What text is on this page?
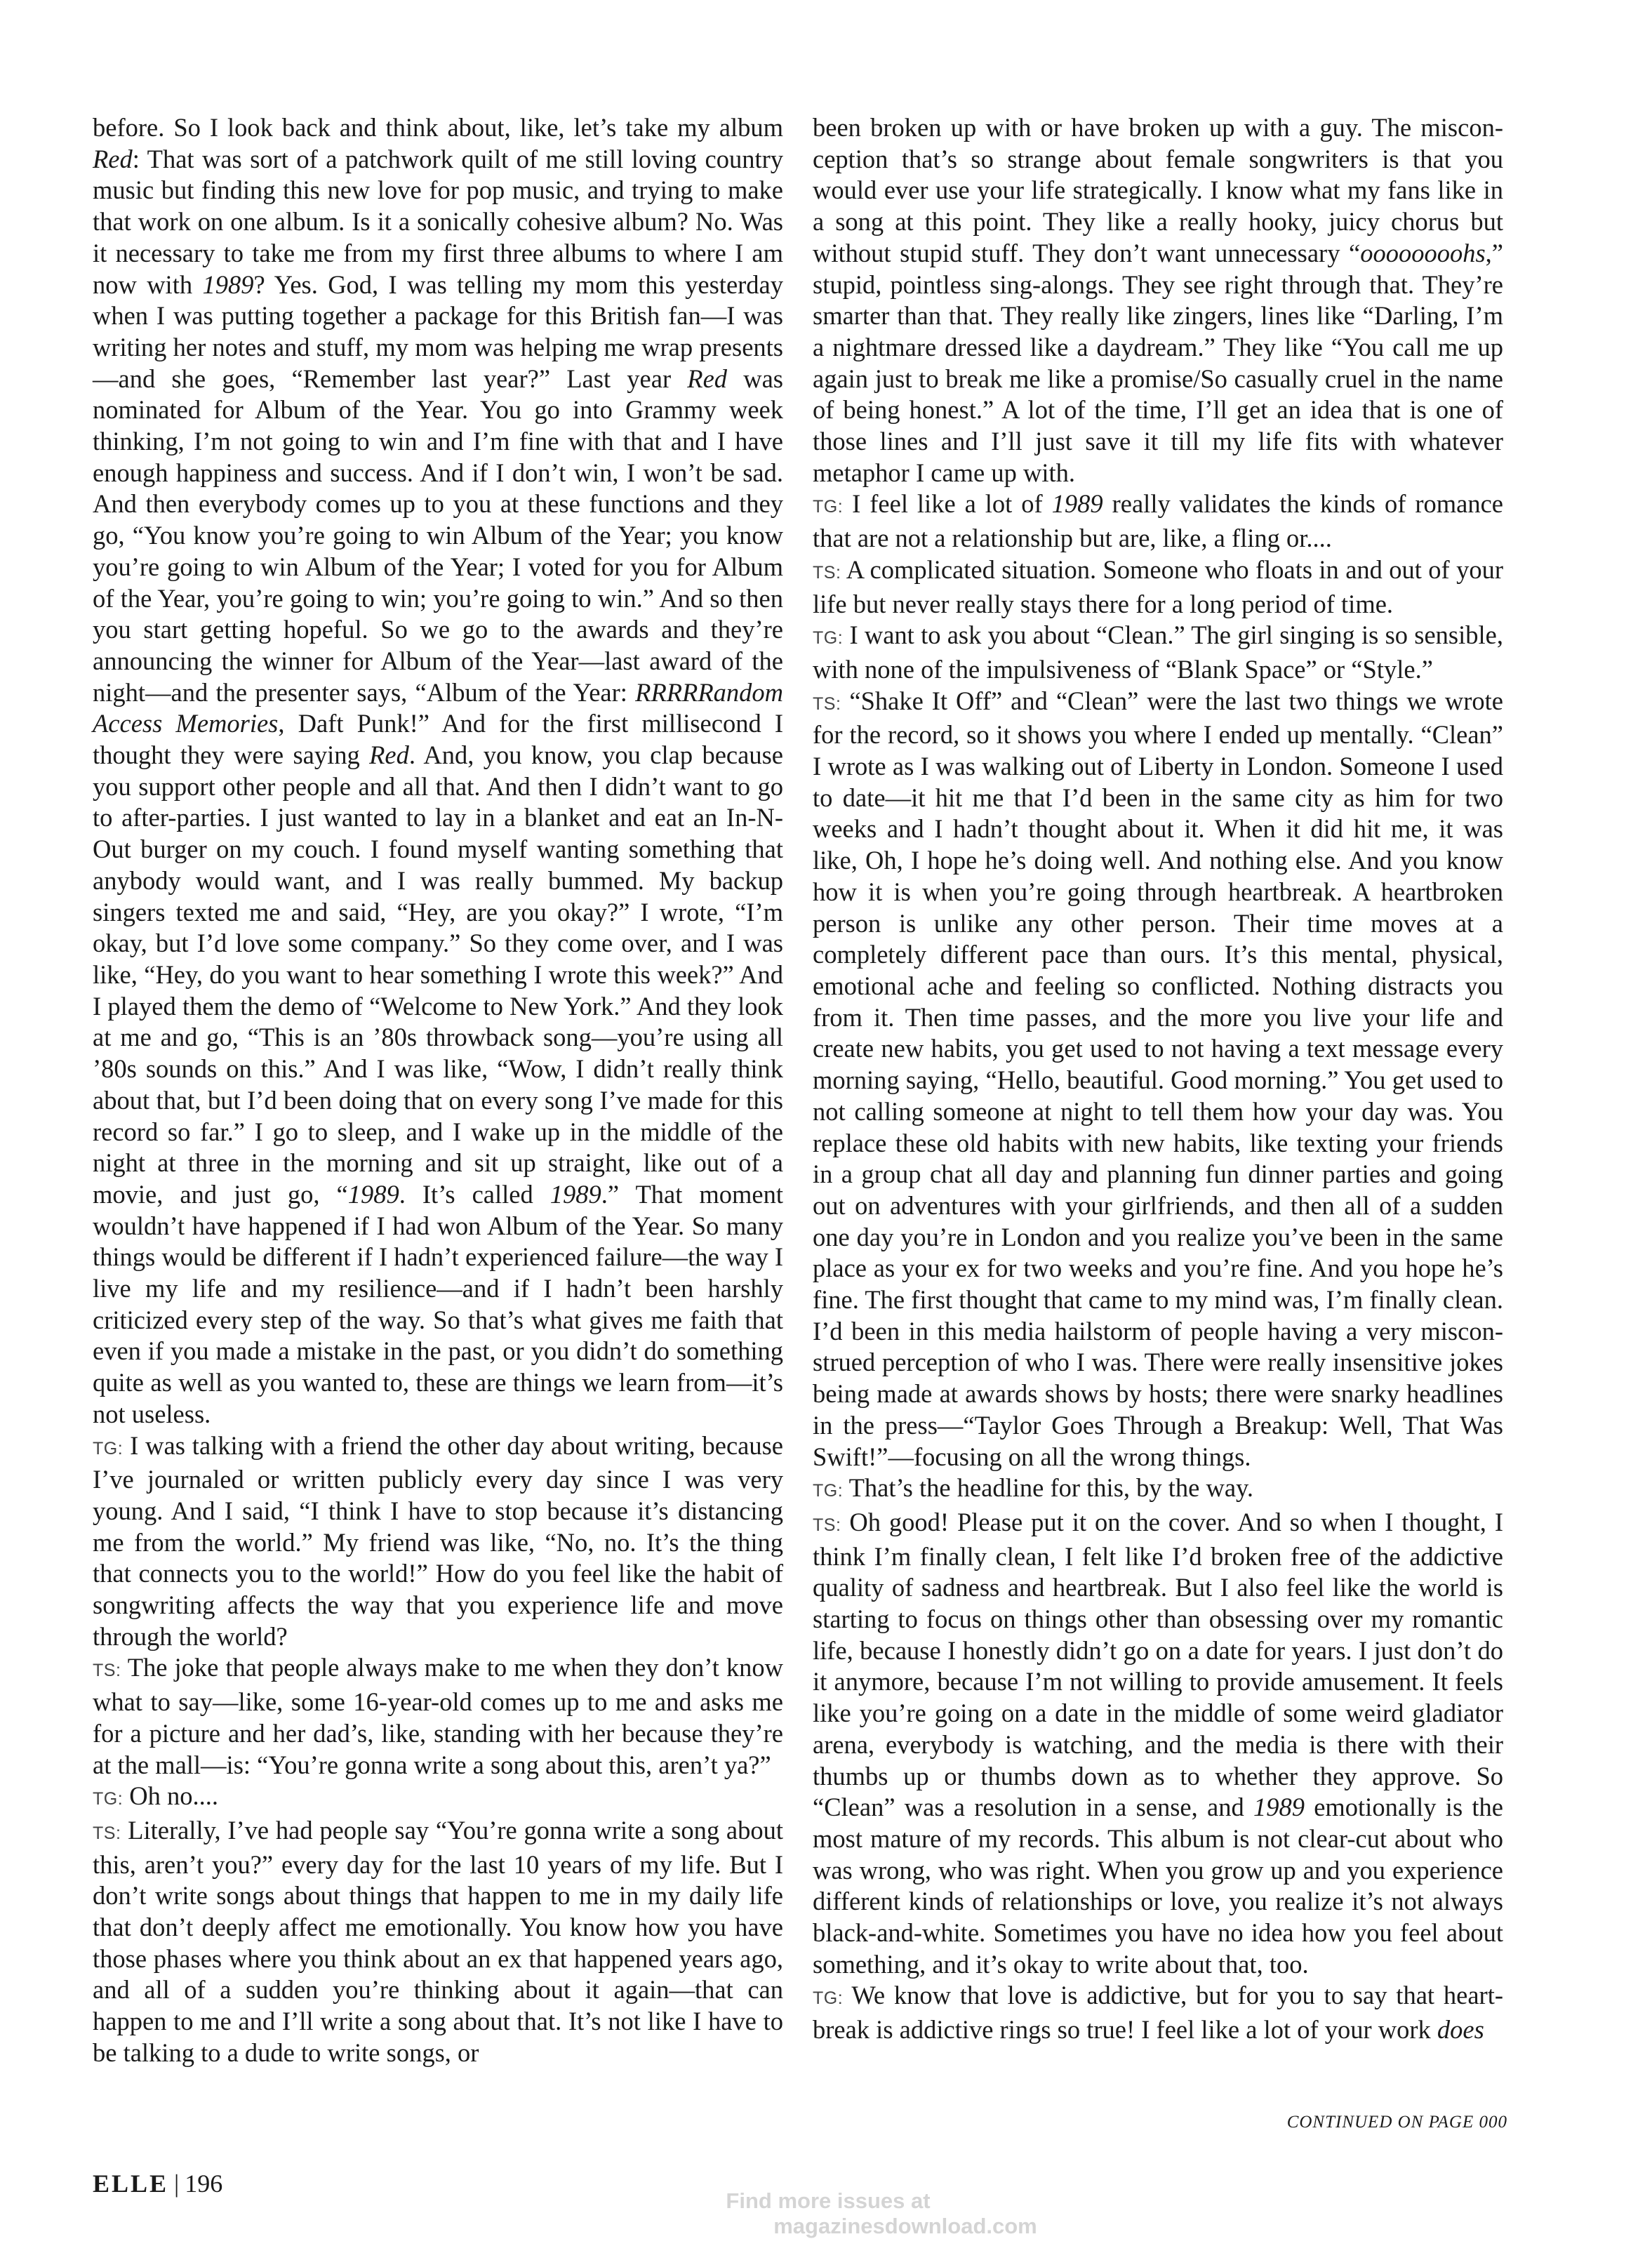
before. So I look back and think about, like, let’s take my album Red: That was sort of a patchwork quilt of me still loving country music but finding this new love for pop music, and trying to make that work on one album. Is it a sonically cohesive album? No. Was it necessary to take me from my first three albums to where I am now with 1989? Yes. God, I was telling my mom this yesterday when I was putting together a package for this British fan—I was writing her notes and stuff, my mom was helping me wrap presents—and she goes, “Remember last year?” Last year Red was nominated for Album of the Year. You go into Grammy week thinking, I’m not going to win and I’m fine with that and I have enough happiness and success. And if I don’t win, I won’t be sad. And then everybody comes up to you at these functions and they go, “You know you’re going to win Album of the Year; you know you’re going to win Album of the Year; I voted for you for Album of the Year, you’re going to win; you’re going to win.” And so then you start getting hopeful. So we go to the awards and they’re announcing the winner for Album of the Year—last award of the night—and the presenter says, “Album of the Year: RRRRRandom Access Memories, Daft Punk!” And for the first millisecond I thought they were saying Red. And, you know, you clap because you support other people and all that. And then I didn’t want to go to after-parties. I just wanted to lay in a blanket and eat an In-N-Out burger on my couch. I found myself wanting something that anybody would want, and I was really bummed. My backup singers texted me and said, “Hey, are you okay?” I wrote, “I’m okay, but I’d love some company.” So they come over, and I was like, “Hey, do you want to hear something I wrote this week?” And I played them the demo of “Welcome to New York.” And they look at me and go, “This is an ’80s throwback song—you’re using all ’80s sounds on this.” And I was like, “Wow, I didn’t really think about that, but I’d been doing that on every song I’ve made for this record so far.” I go to sleep, and I wake up in the middle of the night at three in the morning and sit up straight, like out of a movie, and just go, “1989. It’s called 1989.” That moment wouldn’t have happened if I had won Album of the Year. So many things would be different if I hadn’t experienced failure—the way I live my life and my resilience—and if I hadn’t been harshly criticized every step of the way. So that’s what gives me faith that even if you made a mistake in the past, or you didn’t do something quite as well as you wanted to, these are things we learn from—it’s not useless.

TG: I was talking with a friend the other day about writing, because I’ve journaled or written publicly every day since I was very young. And I said, “I think I have to stop because it’s distancing me from the world.” My friend was like, “No, no. It’s the thing that connects you to the world!” How do you feel like the habit of songwriting affects the way that you experience life and move through the world?

TS: The joke that people always make to me when they don’t know what to say—like, some 16-year-old comes up to me and asks me for a picture and her dad’s, like, standing with her because they’re at the mall—is: “You’re gonna write a song about this, aren’t ya?”

TG: Oh no....

TS: Literally, I’ve had people say “You’re gonna write a song about this, aren’t you?” every day for the last 10 years of my life. But I don’t write songs about things that happen to me in my daily life that don’t deeply affect me emotionally. You know how you have those phases where you think about an ex that happened years ago, and all of a sudden you’re thinking about it again—that can happen to me and I’ll write a song about that. It’s not like I have to be talking to a dude to write songs, or

been broken up with or have broken up with a guy. The misconception that’s so strange about female songwriters is that you would ever use your life strategically. I know what my fans like in a song at this point. They like a really hooky, juicy chorus but without stupid stuff. They don’t want unnecessary “oooooooohs,” stupid, pointless sing-alongs. They see right through that. They’re smarter than that. They really like zingers, lines like “Darling, I’m a nightmare dressed like a daydream.” They like “You call me up again just to break me like a promise/So casually cruel in the name of being honest.” A lot of the time, I’ll get an idea that is one of those lines and I’ll just save it till my life fits with whatever metaphor I came up with.

TG: I feel like a lot of 1989 really validates the kinds of romance that are not a relationship but are, like, a fling or....

TS: A complicated situation. Someone who floats in and out of your life but never really stays there for a long period of time.

TG: I want to ask you about “Clean.” The girl singing is so sensible, with none of the impulsiveness of “Blank Space” or “Style.”

TS: “Shake It Off” and “Clean” were the last two things we wrote for the record, so it shows you where I ended up mentally. “Clean” I wrote as I was walking out of Liberty in London. Someone I used to date—it hit me that I’d been in the same city as him for two weeks and I hadn’t thought about it. When it did hit me, it was like, Oh, I hope he’s doing well. And nothing else. And you know how it is when you’re going through heartbreak. A heartbroken person is unlike any other person. Their time moves at a completely different pace than ours. It’s this mental, physical, emotional ache and feeling so conflicted. Nothing distracts you from it. Then time passes, and the more you live your life and create new habits, you get used to not having a text message every morning saying, “Hello, beautiful. Good morning.” You get used to not calling someone at night to tell them how your day was. You replace these old habits with new habits, like texting your friends in a group chat all day and planning fun dinner parties and going out on adventures with your girlfriends, and then all of a sudden one day you’re in London and you realize you’ve been in the same place as your ex for two weeks and you’re fine. And you hope he’s fine. The first thought that came to my mind was, I’m finally clean. I’d been in this media hailstorm of people having a very misconstrued perception of who I was. There were really insensitive jokes being made at awards shows by hosts; there were snarky headlines in the press—“Taylor Goes Through a Breakup: Well, That Was Swift!”—focusing on all the wrong things.

TG: That’s the headline for this, by the way.

TS: Oh good! Please put it on the cover. And so when I thought, I think I’m finally clean, I felt like I’d broken free of the addictive quality of sadness and heartbreak. But I also feel like the world is starting to focus on things other than obsessing over my romantic life, because I honestly didn’t go on a date for years. I just don’t do it anymore, because I’m not willing to provide amusement. It feels like you’re going on a date in the middle of some weird gladiator arena, everybody is watching, and the media is there with their thumbs up or thumbs down as to whether they approve. So “Clean” was a resolution in a sense, and 1989 emotionally is the most mature of my records. This album is not clear-cut about who was wrong, who was right. When you grow up and you experience different kinds of relationships or love, you realize it’s not always black-and-white. Sometimes you have no idea how you feel about something, and it’s okay to write about that, too.

TG: We know that love is addictive, but for you to say that heartbreak is addictive rings so true! I feel like a lot of your work does

CONTINUED ON PAGE 000
ELLE | 196
Find more issues at
magazinesdownload.com
